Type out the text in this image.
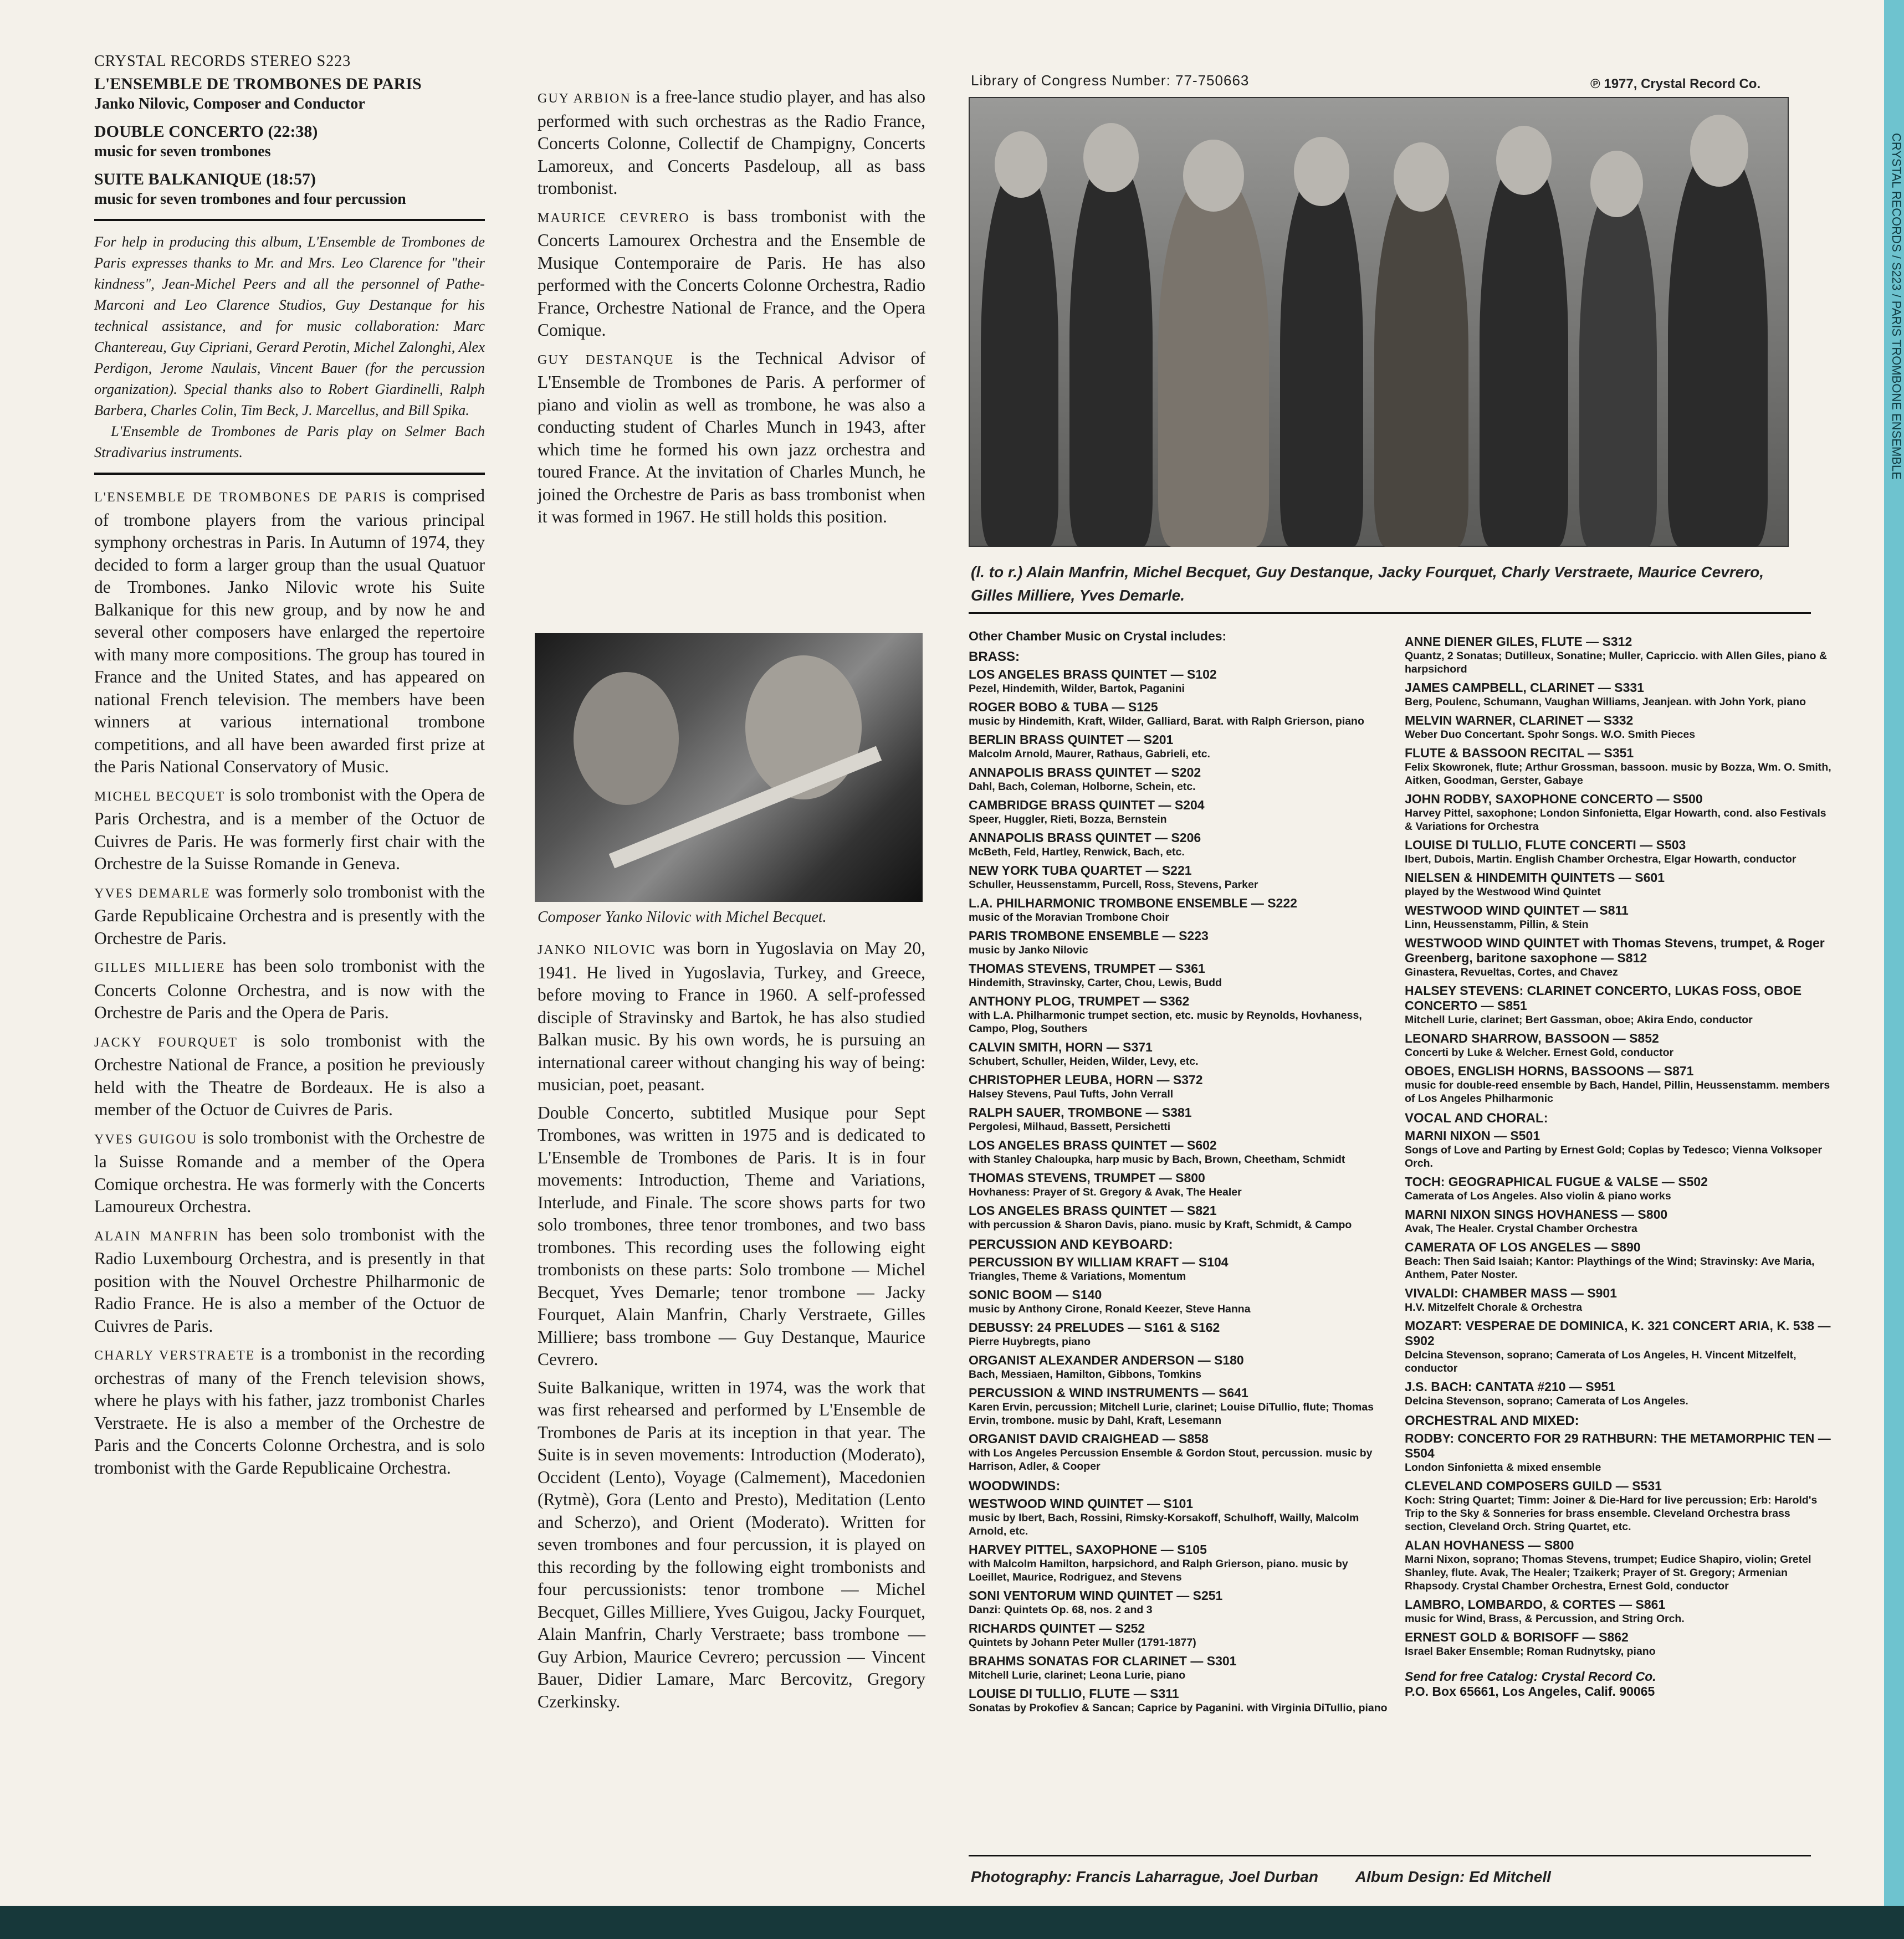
CRYSTAL RECORDS STEREO S223
L'ENSEMBLE DE TROMBONES DE PARIS
Janko Nilovic, Composer and Conductor
DOUBLE CONCERTO (22:38)
music for seven trombones
SUITE BALKANIQUE (18:57)
music for seven trombones and four percussion

For help in producing this album, L'Ensemble de Trombones de Paris expresses thanks to Mr. and Mrs. Leo Clarence for "their kindness", Jean-Michel Peers and all the personnel of Pathe-Marconi and Leo Clarence Studios, Guy Destanque for his technical assistance, and for music collaboration: Marc Chantereau, Guy Cipriani, Gerard Perotin, Michel Zalonghi, Alex Perdigon, Jerome Naulais, Vincent Bauer (for the percussion organization). Special thanks also to Robert Giardinelli, Ralph Barbera, Charles Colin, Tim Beck, J. Marcellus, and Bill Spika.

L'Ensemble de Trombones de Paris play on Selmer Bach Stradivarius instruments.

L'ENSEMBLE DE TROMBONES DE PARIS is comprised of trombone players from the various principal symphony orchestras in Paris. In Autumn of 1974, they decided to form a larger group than the usual Quatuor de Trombones. Janko Nilovic wrote his Suite Balkanique for this new group, and by now he and several other composers have enlarged the repertoire with many more compositions. The group has toured in France and the United States, and has appeared on national French television. The members have been winners at various international trombone competitions, and all have been awarded first prize at the Paris National Conservatory of Music.

MICHEL BECQUET is solo trombonist with the Opera de Paris Orchestra, and is a member of the Octuor de Cuivres de Paris. He was formerly first chair with the Orchestre de la Suisse Romande in Geneva.

YVES DEMARLE was formerly solo trombonist with the Garde Republicaine Orchestra and is presently with the Orchestre de Paris.

GILLES MILLIERE has been solo trombonist with the Concerts Colonne Orchestra, and is now with the Orchestre de Paris and the Opera de Paris.

JACKY FOURQUET is solo trombonist with the Orchestre National de France, a position he previously held with the Theatre de Bordeaux. He is also a member of the Octuor de Cuivres de Paris.

YVES GUIGOU is solo trombonist with the Orchestre de la Suisse Romande and a member of the Opera Comique orchestra. He was formerly with the Concerts Lamoureux Orchestra.

ALAIN MANFRIN has been solo trombonist with the Radio Luxembourg Orchestra, and is presently in that position with the Nouvel Orchestre Philharmonic de Radio France. He is also a member of the Octuor de Cuivres de Paris.

CHARLY VERSTRAETE is a trombonist in the recording orchestras of many of the French television shows, where he plays with his father, jazz trombonist Charles Verstraete. He is also a member of the Orchestre de Paris and the Concerts Colonne Orchestra, and is solo trombonist with the Garde Republicaine Orchestra.

GUY ARBION is a free-lance studio player, and has also performed with such orchestras as the Radio France, Concerts Colonne, Collectif de Champigny, Concerts Lamoreux, and Concerts Pasdeloup, all as bass trombonist.

MAURICE CEVRERO is bass trombonist with the Concerts Lamourex Orchestra and the Ensemble de Musique Contemporaire de Paris. He has also performed with the Concerts Colonne Orchestra, Radio France, Orchestre National de France, and the Opera Comique.

GUY DESTANQUE is the Technical Advisor of L'Ensemble de Trombones de Paris. A performer of piano and violin as well as trombone, he was also a conducting student of Charles Munch in 1943, after which time he formed his own jazz orchestra and toured France. At the invitation of Charles Munch, he joined the Orchestre de Paris as bass trombonist when it was formed in 1967. He still holds this position.

Composer Yanko Nilovic with Michel Becquet.

JANKO NILOVIC was born in Yugoslavia on May 20, 1941. He lived in Yugoslavia, Turkey, and Greece, before moving to France in 1960. A self-professed disciple of Stravinsky and Bartok, he has also studied Balkan music. By his own words, he is pursuing an international career without changing his way of being: musician, poet, peasant.

Double Concerto, subtitled Musique pour Sept Trombones, was written in 1975 and is dedicated to L'Ensemble de Trombones de Paris. It is in four movements: Introduction, Theme and Variations, Interlude, and Finale. The score shows parts for two solo trombones, three tenor trombones, and two bass trombones. This recording uses the following eight trombonists on these parts: Solo trombone — Michel Becquet, Yves Demarle; tenor trombone — Jacky Fourquet, Alain Manfrin, Charly Verstraete, Gilles Milliere; bass trombone — Guy Destanque, Maurice Cevrero.

Suite Balkanique, written in 1974, was the work that was first rehearsed and performed by L'Ensemble de Trombones de Paris at its inception in that year. The Suite is in seven movements: Introduction (Moderato), Occident (Lento), Voyage (Calmement), Macedonien (Rytmè), Gora (Lento and Presto), Meditation (Lento and Scherzo), and Orient (Moderato). Written for seven trombones and four percussion, it is played on this recording by the following eight trombonists and four percussionists: tenor trombone — Michel Becquet, Gilles Milliere, Yves Guigou, Jacky Fourquet, Alain Manfrin, Charly Verstraete; bass trombone — Guy Arbion, Maurice Cevrero; percussion — Vincent Bauer, Didier Lamare, Marc Bercovitz, Gregory Czerkinsky.

Library of Congress Number: 77-750663	℗ 1977, Crystal Record Co.
(l. to r.) Alain Manfrin, Michel Becquet, Guy Destanque, Jacky Fourquet, Charly Verstraete, Maurice Cevrero, Gilles Milliere, Yves Demarle.
Other Chamber Music on Crystal includes:
BRASS:
LOS ANGELES BRASS QUINTET — S102
Pezel, Hindemith, Wilder, Bartok, Paganini
ROGER BOBO & TUBA — S125
music by Hindemith, Kraft, Wilder, Galliard, Barat. with Ralph Grierson, piano
BERLIN BRASS QUINTET — S201
Malcolm Arnold, Maurer, Rathaus, Gabrieli, etc.
ANNAPOLIS BRASS QUINTET — S202
Dahl, Bach, Coleman, Holborne, Schein, etc.
CAMBRIDGE BRASS QUINTET — S204
Speer, Huggler, Rieti, Bozza, Bernstein
ANNAPOLIS BRASS QUINTET — S206
McBeth, Feld, Hartley, Renwick, Bach, etc.
NEW YORK TUBA QUARTET — S221
Schuller, Heussenstamm, Purcell, Ross, Stevens, Parker
L.A. PHILHARMONIC TROMBONE ENSEMBLE — S222
music of the Moravian Trombone Choir
PARIS TROMBONE ENSEMBLE — S223
music by Janko Nilovic
THOMAS STEVENS, TRUMPET — S361
Hindemith, Stravinsky, Carter, Chou, Lewis, Budd
ANTHONY PLOG, TRUMPET — S362
with L.A. Philharmonic trumpet section, etc. music by Reynolds, Hovhaness, Campo, Plog, Southers
CALVIN SMITH, HORN — S371
Schubert, Schuller, Heiden, Wilder, Levy, etc.
CHRISTOPHER LEUBA, HORN — S372
Halsey Stevens, Paul Tufts, John Verrall
RALPH SAUER, TROMBONE — S381
Pergolesi, Milhaud, Bassett, Persichetti
LOS ANGELES BRASS QUINTET — S602
with Stanley Chaloupka, harp music by Bach, Brown, Cheetham, Schmidt
THOMAS STEVENS, TRUMPET — S800
Hovhaness: Prayer of St. Gregory & Avak, The Healer
LOS ANGELES BRASS QUINTET — S821
with percussion & Sharon Davis, piano. music by Kraft, Schmidt, & Campo
PERCUSSION AND KEYBOARD:
PERCUSSION BY WILLIAM KRAFT — S104
Triangles, Theme & Variations, Momentum
SONIC BOOM — S140
music by Anthony Cirone, Ronald Keezer, Steve Hanna
DEBUSSY: 24 PRELUDES — S161 & S162
Pierre Huybregts, piano
ORGANIST ALEXANDER ANDERSON — S180
Bach, Messiaen, Hamilton, Gibbons, Tomkins
PERCUSSION & WIND INSTRUMENTS — S641
Karen Ervin, percussion; Mitchell Lurie, clarinet; Louise DiTullio, flute; Thomas Ervin, trombone. music by Dahl, Kraft, Lesemann
ORGANIST DAVID CRAIGHEAD — S858
with Los Angeles Percussion Ensemble & Gordon Stout, percussion. music by Harrison, Adler, & Cooper
WOODWINDS:
WESTWOOD WIND QUINTET — S101
music by Ibert, Bach, Rossini, Rimsky-Korsakoff, Schulhoff, Wailly, Malcolm Arnold, etc.
HARVEY PITTEL, SAXOPHONE — S105
with Malcolm Hamilton, harpsichord, and Ralph Grierson, piano. music by Loeillet, Maurice, Rodriguez, and Stevens
SONI VENTORUM WIND QUINTET — S251
Danzi: Quintets Op. 68, nos. 2 and 3
RICHARDS QUINTET — S252
Quintets by Johann Peter Muller (1791-1877)
BRAHMS SONATAS FOR CLARINET — S301
Mitchell Lurie, clarinet; Leona Lurie, piano
LOUISE DI TULLIO, FLUTE — S311
Sonatas by Prokofiev & Sancan; Caprice by Paganini. with Virginia DiTullio, piano
ANNE DIENER GILES, FLUTE — S312
Quantz, 2 Sonatas; Dutilleux, Sonatine; Muller, Capriccio. with Allen Giles, piano & harpsichord
JAMES CAMPBELL, CLARINET — S331
Berg, Poulenc, Schumann, Vaughan Williams, Jeanjean. with John York, piano
MELVIN WARNER, CLARINET — S332
Weber Duo Concertant. Spohr Songs. W.O. Smith Pieces
FLUTE & BASSOON RECITAL — S351
Felix Skowronek, flute; Arthur Grossman, bassoon. music by Bozza, Wm. O. Smith, Aitken, Goodman, Gerster, Gabaye
JOHN RODBY, SAXOPHONE CONCERTO — S500
Harvey Pittel, saxophone; London Sinfonietta, Elgar Howarth, cond. also Festivals & Variations for Orchestra
LOUISE DI TULLIO, FLUTE CONCERTI — S503
Ibert, Dubois, Martin. English Chamber Orchestra, Elgar Howarth, conductor
NIELSEN & HINDEMITH QUINTETS — S601
played by the Westwood Wind Quintet
WESTWOOD WIND QUINTET — S811
Linn, Heussenstamm, Pillin, & Stein
WESTWOOD WIND QUINTET with Thomas Stevens, trumpet, & Roger Greenberg, baritone saxophone — S812
Ginastera, Revueltas, Cortes, and Chavez
HALSEY STEVENS: CLARINET CONCERTO, LUKAS FOSS, OBOE CONCERTO — S851
Mitchell Lurie, clarinet; Bert Gassman, oboe; Akira Endo, conductor
LEONARD SHARROW, BASSOON — S852
Concerti by Luke & Welcher. Ernest Gold, conductor
OBOES, ENGLISH HORNS, BASSOONS — S871
music for double-reed ensemble by Bach, Handel, Pillin, Heussenstamm. members of Los Angeles Philharmonic
VOCAL AND CHORAL:
MARNI NIXON — S501
Songs of Love and Parting by Ernest Gold; Coplas by Tedesco; Vienna Volksoper Orch.
TOCH: GEOGRAPHICAL FUGUE & VALSE — S502
Camerata of Los Angeles. Also violin & piano works
MARNI NIXON SINGS HOVHANESS — S800
Avak, The Healer. Crystal Chamber Orchestra
CAMERATA OF LOS ANGELES — S890
Beach: Then Said Isaiah; Kantor: Playthings of the Wind; Stravinsky: Ave Maria, Anthem, Pater Noster.
VIVALDI: CHAMBER MASS — S901
H.V. Mitzelfelt Chorale & Orchestra
MOZART: VESPERAE DE DOMINICA, K. 321 CONCERT ARIA, K. 538 — S902
Delcina Stevenson, soprano; Camerata of Los Angeles, H. Vincent Mitzelfelt, conductor
J.S. BACH: CANTATA #210 — S951
Delcina Stevenson, soprano; Camerata of Los Angeles.
ORCHESTRAL AND MIXED:
RODBY: CONCERTO FOR 29 RATHBURN: THE METAMORPHIC TEN — S504
London Sinfonietta & mixed ensemble
CLEVELAND COMPOSERS GUILD — S531
Koch: String Quartet; Timm: Joiner & Die-Hard for live percussion; Erb: Harold's Trip to the Sky & Sonneries for brass ensemble. Cleveland Orchestra brass section, Cleveland Orch. String Quartet, etc.
ALAN HOVHANESS — S800
Marni Nixon, soprano; Thomas Stevens, trumpet; Eudice Shapiro, violin; Gretel Shanley, flute. Avak, The Healer; Tzaikerk; Prayer of St. Gregory; Armenian Rhapsody. Crystal Chamber Orchestra, Ernest Gold, conductor
LAMBRO, LOMBARDO, & CORTES — S861
music for Wind, Brass, & Percussion, and String Orch.
ERNEST GOLD & BORISOFF — S862
Israel Baker Ensemble; Roman Rudnytsky, piano
Send for free Catalog: Crystal Record Co.
P.O. Box 65661, Los Angeles, Calif. 90065
Photography: Francis Laharrague, Joel Durban Album Design: Ed Mitchell
CRYSTAL RECORDS / S223 / PARIS TROMBONE ENSEMBLE
